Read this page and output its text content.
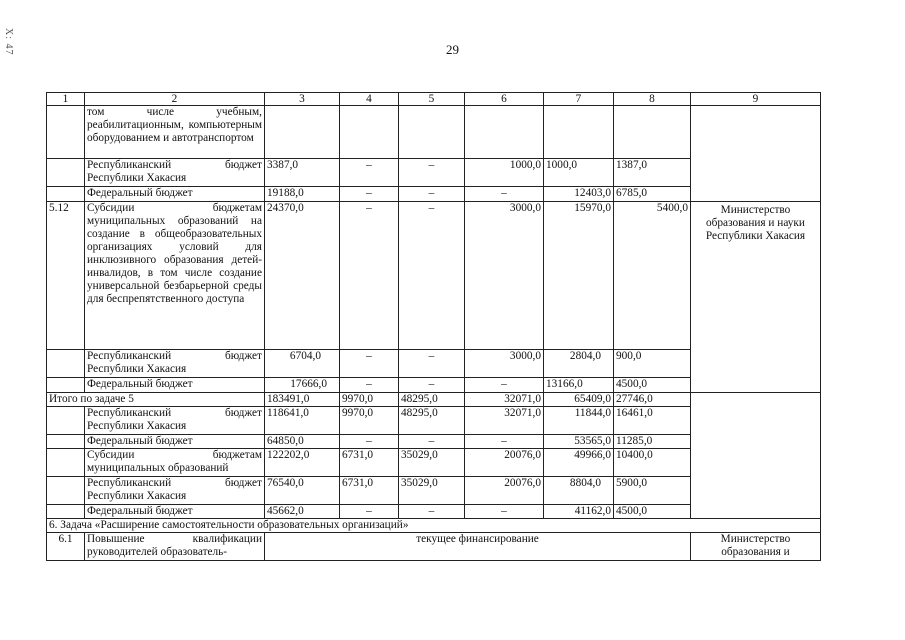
Х: 47	29
1	2	3	4	5	6	7	8	9
	том числе учебным, реабилитационным, компьютерным оборудованием и автотранспортом							
	Республиканский бюджет Республики Хакасия	3387,0	–	–	1000,0	1000,0	1387,0	
	Федеральный бюджет	19188,0	–	–	–	12403,0	6785,0	
5.12	Субсидии бюджетам муниципальных образований на создание в общеобразовательных организациях условий для инклюзивного образования детей-инвалидов, в том числе создание универсальной безбарьерной среды для беспрепятственного доступа	24370,0	–	–	3000,0	15970,0	5400,0	Министерство образования и науки Республики Хакасия
	Республиканский бюджет Республики Хакасия	6704,0	–	–	3000,0	2804,0	900,0	
	Федеральный бюджет	17666,0	–	–	–	13166,0	4500,0	
Итого по задаче 5		183491,0	9970,0	48295,0	32071,0	65409,0	27746,0	
	Республиканский бюджет Республики Хакасия	118641,0	9970,0	48295,0	32071,0	11844,0	16461,0	
	Федеральный бюджет	64850,0	–	–	–	53565,0	11285,0	
	Субсидии бюджетам муниципальных образований	122202,0	6731,0	35029,0	20076,0	49966,0	10400,0	
	Республиканский бюджет Республики Хакасия	76540,0	6731,0	35029,0	20076,0	8804,0	5900,0	
	Федеральный бюджет	45662,0	–	–	–	41162,0	4500,0	
6. Задача «Расширение самостоятельности образовательных организаций»								
6.1	Повышение квалификации руководителей образователь-	текущее финансирование						Министерство образования и
